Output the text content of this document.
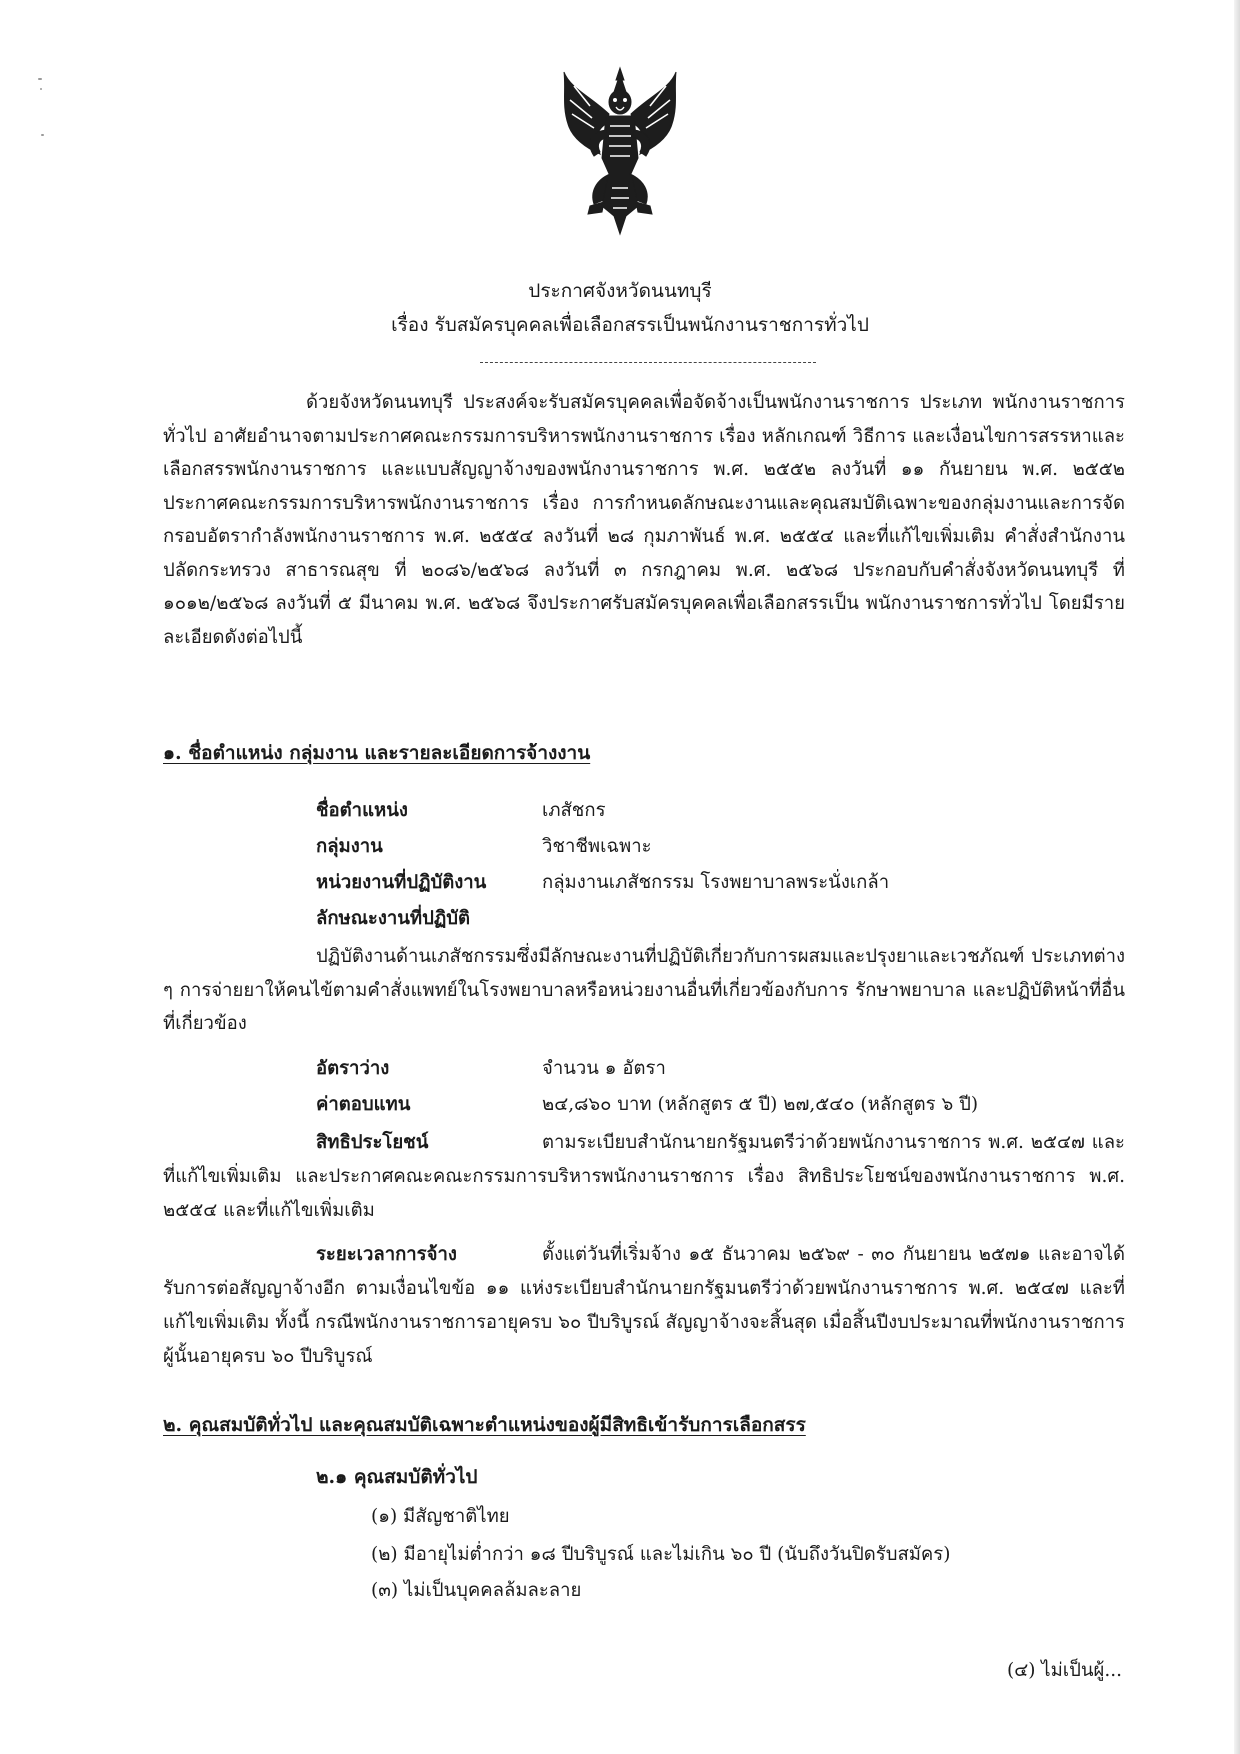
ประกาศจังหวัดนนทบุรี
เรื่อง รับสมัครบุคคลเพื่อเลือกสรรเป็นพนักงานราชการทั่วไป

ด้วยจังหวัดนนทบุรี ประสงค์จะรับสมัครบุคคลเพื่อจัดจ้างเป็นพนักงานราชการ ประเภท พนักงานราชการทั่วไป อาศัยอำนาจตามประกาศคณะกรรมการบริหารพนักงานราชการ เรื่อง หลักเกณฑ์ วิธีการ และเงื่อนไขการสรรหาและเลือกสรรพนักงานราชการ และแบบสัญญาจ้างของพนักงานราชการ พ.ศ. ๒๕๕๒ ลงวันที่ ๑๑ กันยายน พ.ศ. ๒๕๕๒ ประกาศคณะกรรมการบริหารพนักงานราชการ เรื่อง การกำหนดลักษณะงานและคุณสมบัติเฉพาะของกลุ่มงานและการจัดกรอบอัตรากำลังพนักงานราชการ พ.ศ. ๒๕๕๔ ลงวันที่ ๒๘ กุมภาพันธ์ พ.ศ. ๒๕๕๔ และที่แก้ไขเพิ่มเติม คำสั่งสำนักงานปลัดกระทรวง สาธารณสุข ที่ ๒๐๘๖/๒๕๖๘ ลงวันที่ ๓ กรกฎาคม พ.ศ. ๒๕๖๘ ประกอบกับคำสั่งจังหวัดนนทบุรี ที่ ๑๐๑๒/๒๕๖๘ ลงวันที่ ๕ มีนาคม พ.ศ. ๒๕๖๘ จึงประกาศรับสมัครบุคคลเพื่อเลือกสรรเป็น พนักงานราชการทั่วไป โดยมีรายละเอียดดังต่อไปนี้

๑. ชื่อตำแหน่ง กลุ่มงาน และรายละเอียดการจ้างงาน
ชื่อตำแหน่ง	เภสัชกร
กลุ่มงาน	วิชาชีพเฉพาะ
หน่วยงานที่ปฏิบัติงาน	กลุ่มงานเภสัชกรรม โรงพยาบาลพระนั่งเกล้า
ลักษณะงานที่ปฏิบัติ

ปฏิบัติงานด้านเภสัชกรรมซึ่งมีลักษณะงานที่ปฏิบัติเกี่ยวกับการผสมและปรุงยาและเวชภัณฑ์ ประเภทต่าง ๆ การจ่ายยาให้คนไข้ตามคำสั่งแพทย์ในโรงพยาบาลหรือหน่วยงานอื่นที่เกี่ยวข้องกับการ รักษาพยาบาล และปฏิบัติหน้าที่อื่นที่เกี่ยวข้อง

อัตราว่าง	จำนวน ๑ อัตรา
ค่าตอบแทน	๒๔,๘๖๐ บาท (หลักสูตร ๕ ปี) ๒๗,๕๔๐ (หลักสูตร ๖ ปี)

สิทธิประโยชน์	ตามระเบียบสำนักนายกรัฐมนตรีว่าด้วยพนักงานราชการ พ.ศ. ๒๕๔๗ และที่แก้ไขเพิ่มเติม และประกาศคณะคณะกรรมการบริหารพนักงานราชการ เรื่อง สิทธิประโยชน์ของพนักงานราชการ พ.ศ. ๒๕๕๔ และที่แก้ไขเพิ่มเติม

ระยะเวลาการจ้าง	ตั้งแต่วันที่เริ่มจ้าง ๑๕ ธันวาคม ๒๕๖๙ - ๓๐ กันยายน ๒๕๗๑ และอาจได้รับการต่อสัญญาจ้างอีก ตามเงื่อนไขข้อ ๑๑ แห่งระเบียบสำนักนายกรัฐมนตรีว่าด้วยพนักงานราชการ พ.ศ. ๒๕๔๗ และที่แก้ไขเพิ่มเติม ทั้งนี้ กรณีพนักงานราชการอายุครบ ๖๐ ปีบริบูรณ์ สัญญาจ้างจะสิ้นสุด เมื่อสิ้นปีงบประมาณที่พนักงานราชการผู้นั้นอายุครบ ๖๐ ปีบริบูรณ์

๒. คุณสมบัติทั่วไป และคุณสมบัติเฉพาะตำแหน่งของผู้มีสิทธิเข้ารับการเลือกสรร
๒.๑ คุณสมบัติทั่วไป
(๑) มีสัญชาติไทย
(๒) มีอายุไม่ต่ำกว่า ๑๘ ปีบริบูรณ์ และไม่เกิน ๖๐ ปี (นับถึงวันปิดรับสมัคร)
(๓) ไม่เป็นบุคคลล้มละลาย
(๔) ไม่เป็นผู้...
